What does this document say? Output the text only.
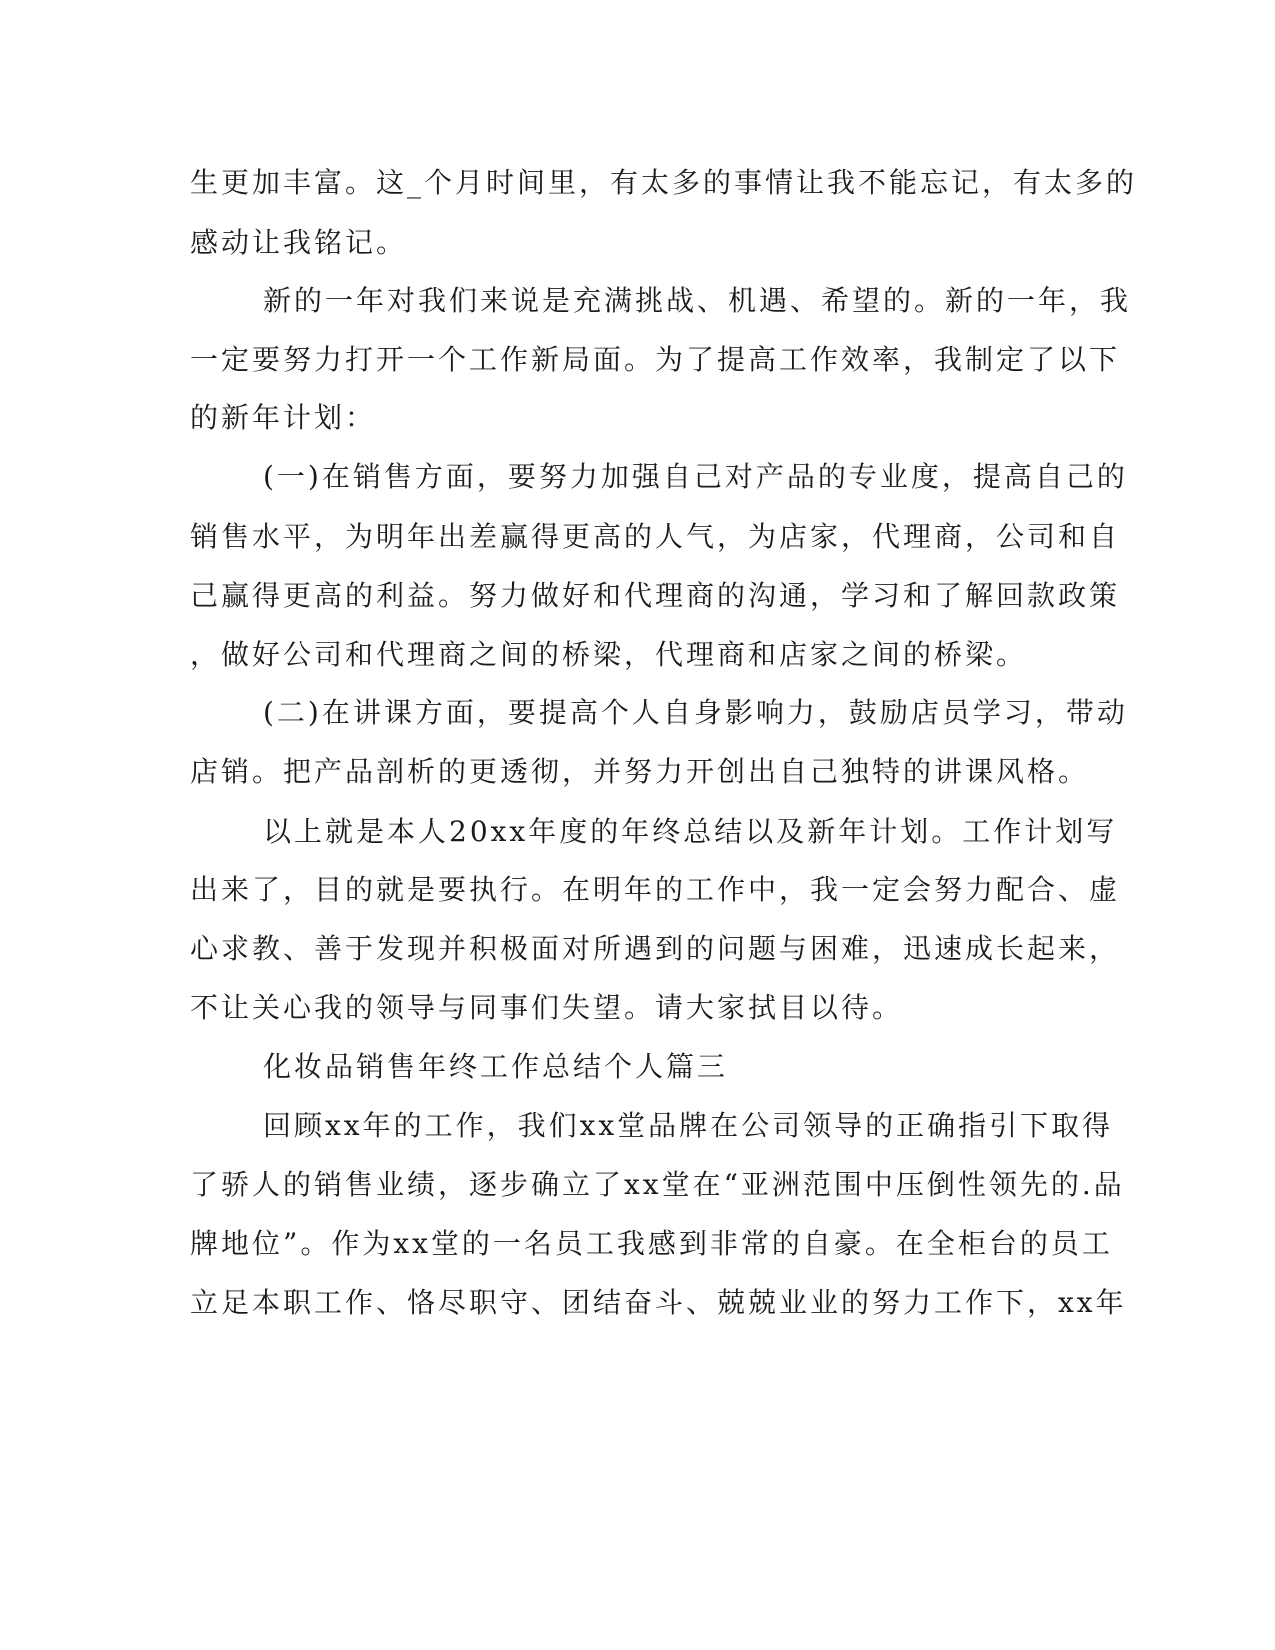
生更加丰富。这_个月时间里，有太多的事情让我不能忘记，有太多的
感动让我铭记。
新的一年对我们来说是充满挑战、机遇、希望的。新的一年，我
一定要努力打开一个工作新局面。为了提高工作效率，我制定了以下
的新年计划：
(一)在销售方面，要努力加强自己对产品的专业度，提高自己的
销售水平，为明年出差赢得更高的人气，为店家，代理商，公司和自
己赢得更高的利益。努力做好和代理商的沟通，学习和了解回款政策
，做好公司和代理商之间的桥梁，代理商和店家之间的桥梁。
(二)在讲课方面，要提高个人自身影响力，鼓励店员学习，带动
店销。把产品剖析的更透彻，并努力开创出自己独特的讲课风格。
以上就是本人20xx年度的年终总结以及新年计划。工作计划写
出来了，目的就是要执行。在明年的工作中，我一定会努力配合、虚
心求教、善于发现并积极面对所遇到的问题与困难，迅速成长起来，
不让关心我的领导与同事们失望。请大家拭目以待。
化妆品销售年终工作总结个人篇三
回顾xx年的工作，我们xx堂品牌在公司领导的正确指引下取得
了骄人的销售业绩，逐步确立了xx堂在“亚洲范围中压倒性领先的.品
牌地位”。作为xx堂的一名员工我感到非常的自豪。在全柜台的员工
立足本职工作、恪尽职守、团结奋斗、兢兢业业的努力工作下，xx年
